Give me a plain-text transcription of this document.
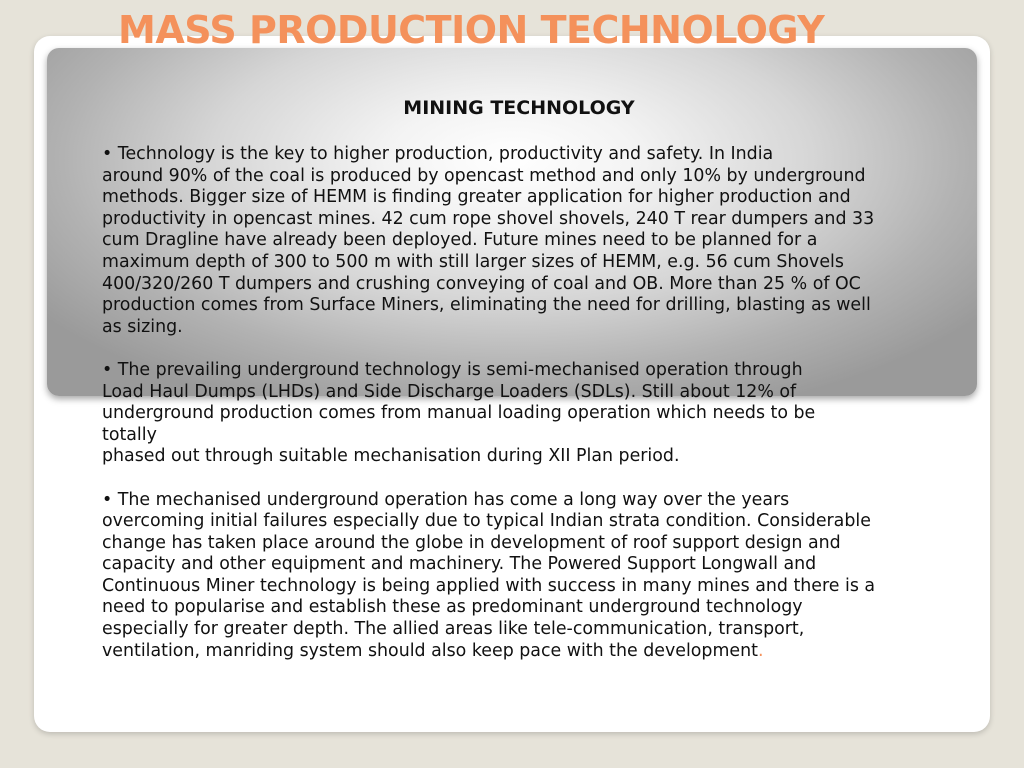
MASS PRODUCTION TECHNOLOGY
MINING TECHNOLOGY

• Technology is the key to higher production, productivity and safety. In India
around 90% of the coal is produced by opencast method and only 10% by underground
methods. Bigger size of HEMM is finding greater application for higher production and
productivity in opencast mines. 42 cum rope shovel shovels, 240 T rear dumpers and 33
cum Dragline have already been deployed. Future mines need to be planned for a
maximum depth of 300 to 500 m with still larger sizes of HEMM, e.g. 56 cum Shovels
400/320/260 T dumpers and crushing conveying of coal and OB. More than 25 % of OC
production comes from Surface Miners, eliminating the need for drilling, blasting as well
as sizing.

• The prevailing underground technology is semi-mechanised operation through
Load Haul Dumps (LHDs) and Side Discharge Loaders (SDLs). Still about 12% of
underground production comes from manual loading operation which needs to be
totally
phased out through suitable mechanisation during XII Plan period.

• The mechanised underground operation has come a long way over the years
overcoming initial failures especially due to typical Indian strata condition. Considerable
change has taken place around the globe in development of roof support design and
capacity and other equipment and machinery. The Powered Support Longwall and
Continuous Miner technology is being applied with success in many mines and there is a
need to popularise and establish these as predominant underground technology
especially for greater depth. The allied areas like tele-communication, transport,
ventilation, manriding system should also keep pace with the development.
